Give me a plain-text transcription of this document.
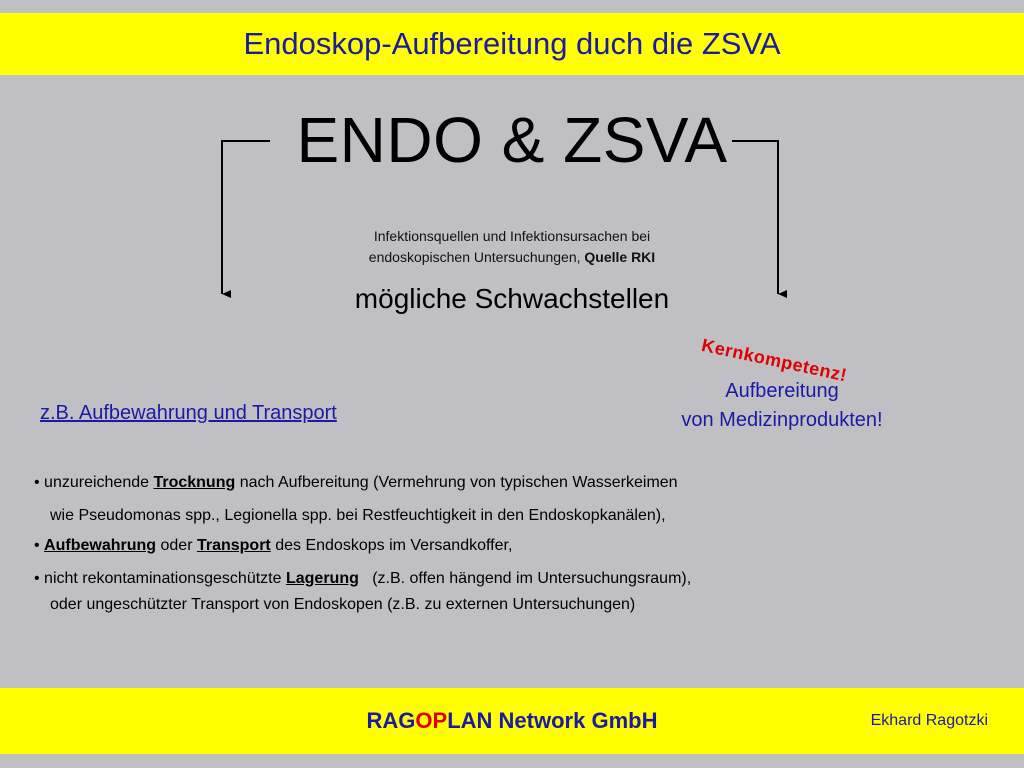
Endoskop-Aufbereitung duch die ZSVA
ENDO & ZSVA
Infektionsquellen und Infektionsursachen bei
endoskopischen Untersuchungen, Quelle RKI
mögliche Schwachstellen
Kernkompetenz!
Aufbereitung
von Medizinprodukten!
z.B. Aufbewahrung und Transport
• unzureichende Trocknung nach Aufbereitung (Vermehrung von typischen Wasserkeimen
wie Pseudomonas spp., Legionella spp. bei Restfeuchtigkeit in den Endoskopkanälen),
• Aufbewahrung oder Transport des Endoskops im Versandkoffer,
• nicht rekontaminationsgeschützte Lagerung   (z.B. offen hängend im Untersuchungsraum),
oder ungeschützter Transport von Endoskopen (z.B. zu externen Untersuchungen)
RAGOPLAN Network GmbH	Ekhard Ragotzki
